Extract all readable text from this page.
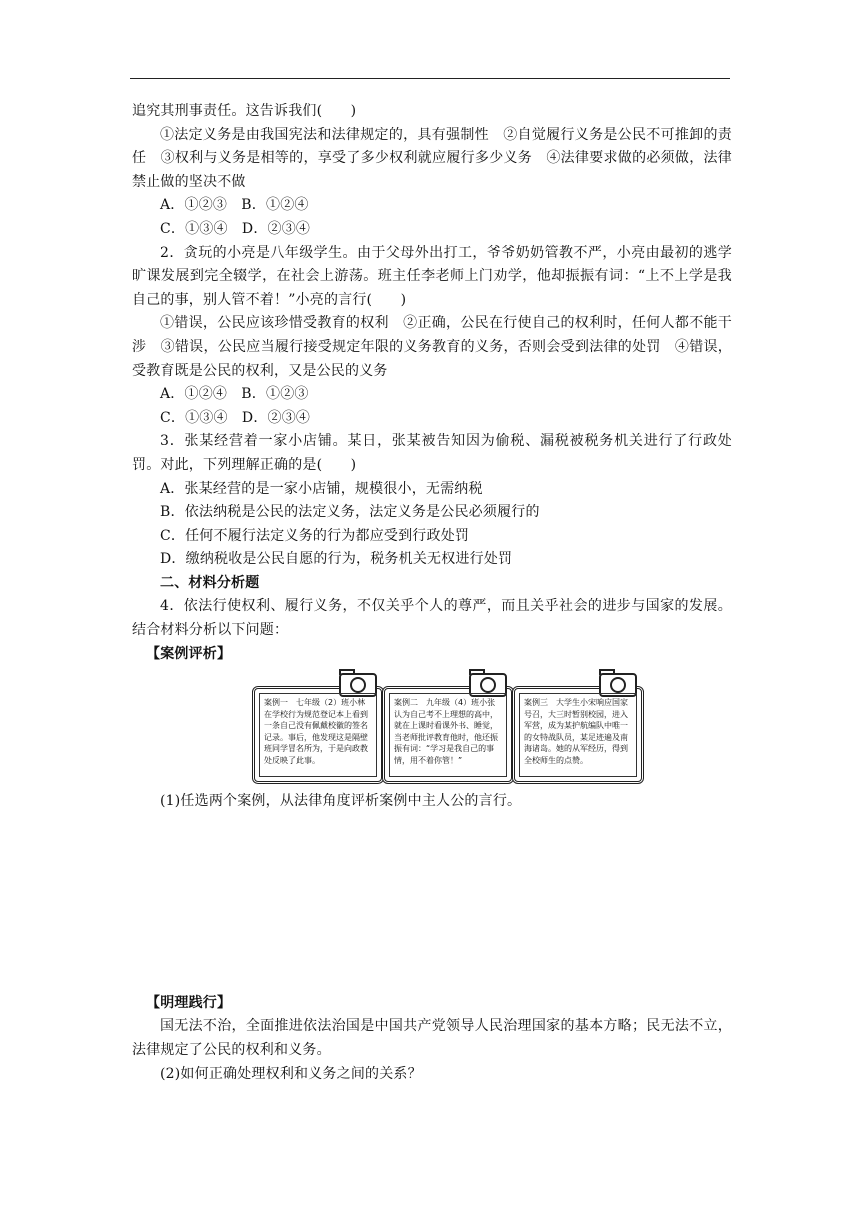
追究其刑事责任。这告诉我们(　　)

①法定义务是由我国宪法和法律规定的，具有强制性　②自觉履行义务是公民不可推卸的责任　③权利与义务是相等的，享受了多少权利就应履行多少义务　④法律要求做的必须做，法律禁止做的坚决不做

A．①②③　B．①②④

C．①③④　D．②③④

2．贪玩的小亮是八年级学生。由于父母外出打工，爷爷奶奶管教不严，小亮由最初的逃学旷课发展到完全辍学，在社会上游荡。班主任李老师上门劝学，他却振振有词：“上不上学是我自己的事，别人管不着！”小亮的言行(　　)

①错误，公民应该珍惜受教育的权利　②正确，公民在行使自己的权利时，任何人都不能干涉　③错误，公民应当履行接受规定年限的义务教育的义务，否则会受到法律的处罚　④错误，受教育既是公民的权利，又是公民的义务

A．①②④　B．①②③

C．①③④　D．②③④

3．张某经营着一家小店铺。某日，张某被告知因为偷税、漏税被税务机关进行了行政处罚。对此，下列理解正确的是(　　)

A．张某经营的是一家小店铺，规模很小，无需纳税

B．依法纳税是公民的法定义务，法定义务是公民必须履行的

C．任何不履行法定义务的行为都应受到行政处罚

D．缴纳税收是公民自愿的行为，税务机关无权进行处罚

二、材料分析题

4．依法行使权利、履行义务，不仅关乎个人的尊严，而且关乎社会的进步与国家的发展。结合材料分析以下问题：

【案例评析】

案例一　七年级（2）班小林在学校行为规范登记本上看到一条自己没有佩戴校徽的签名记录。事后，他发现这是隔壁班同学冒名所为，于是向政教处反映了此事。
案例二　九年级（4）班小张认为自己考不上理想的高中，就在上课时看课外书、睡觉，当老师批评教育他时，他还振振有词：“学习是我自己的事情，用不着你管！”
案例三　大学生小宋响应国家号召，大三时暂别校园，进入军营，成为某护航编队中唯一的女特战队员，某足迹遍及南海诸岛。她的从军经历，得到全校师生的点赞。

(1)任选两个案例，从法律角度评析案例中主人公的言行。

【明理践行】

国无法不治，全面推进依法治国是中国共产党领导人民治理国家的基本方略；民无法不立，法律规定了公民的权利和义务。

(2)如何正确处理权利和义务之间的关系？
